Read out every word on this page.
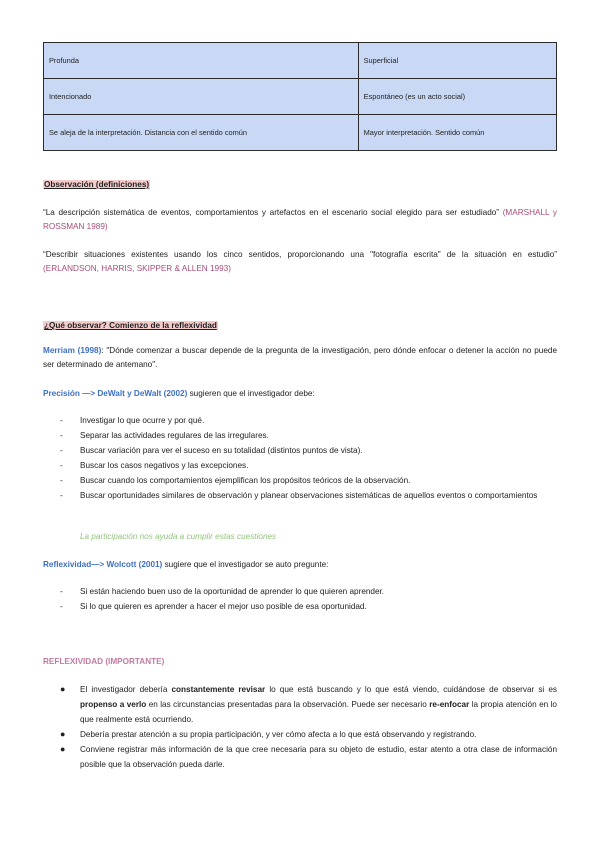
Profunda	Superficial
Intencionado	Espontáneo (es un acto social)
Se aleja de la interpretación. Distancia con el sentido común	Mayor interpretación. Sentido común
Observación (definiciones)
“La descripción sistemática de eventos, comportamientos y artefactos en el escenario social elegido para ser estudiado” (MARSHALL y ROSSMAN 1989)
“Describir situaciones existentes usando los cinco sentidos, proporcionando una "fotografía escrita" de la situación en estudio” (ERLANDSON, HARRIS, SKIPPER & ALLEN 1993)
¿Qué observar? Comienzo de la reflexividad
Merriam (1998): "Dónde comenzar a buscar depende de la pregunta de la investigación, pero dónde enfocar o detener la acción no puede ser determinado de antemano".
Precisión —> DeWalt y DeWalt (2002) sugieren que el investigador debe:
- Investigar lo que ocurre y por qué.
- Separar las actividades regulares de las irregulares.
- Buscar variación para ver el suceso en su totalidad (distintos puntos de vista).
- Buscar los casos negativos y las excepciones.
- Buscar cuando los comportamientos ejemplifican los propósitos teóricos de la observación.
- Buscar oportunidades similares de observación y planear observaciones sistemáticas de aquellos eventos o comportamientos
La participación nos ayuda a cumplir estas cuestiones
Reflexividad—> Wolcott (2001) sugiere que el investigador se auto pregunte:
- Si están haciendo buen uso de la oportunidad de aprender lo que quieren aprender.
- Si lo que quieren es aprender a hacer el mejor uso posible de esa oportunidad.
REFLEXIVIDAD (IMPORTANTE)
● El investigador debería constantemente revisar lo que está buscando y lo que está viendo, cuidándose de observar si es propenso a verlo en las circunstancias presentadas para la observación. Puede ser necesario re-enfocar la propia atención en lo que realmente está ocurriendo.
● Debería prestar atención a su propia participación, y ver cómo afecta a lo que está observando y registrando.
● Conviene registrar más información de la que cree necesaria para su objeto de estudio, estar atento a otra clase de información posible que la observación pueda darle.
